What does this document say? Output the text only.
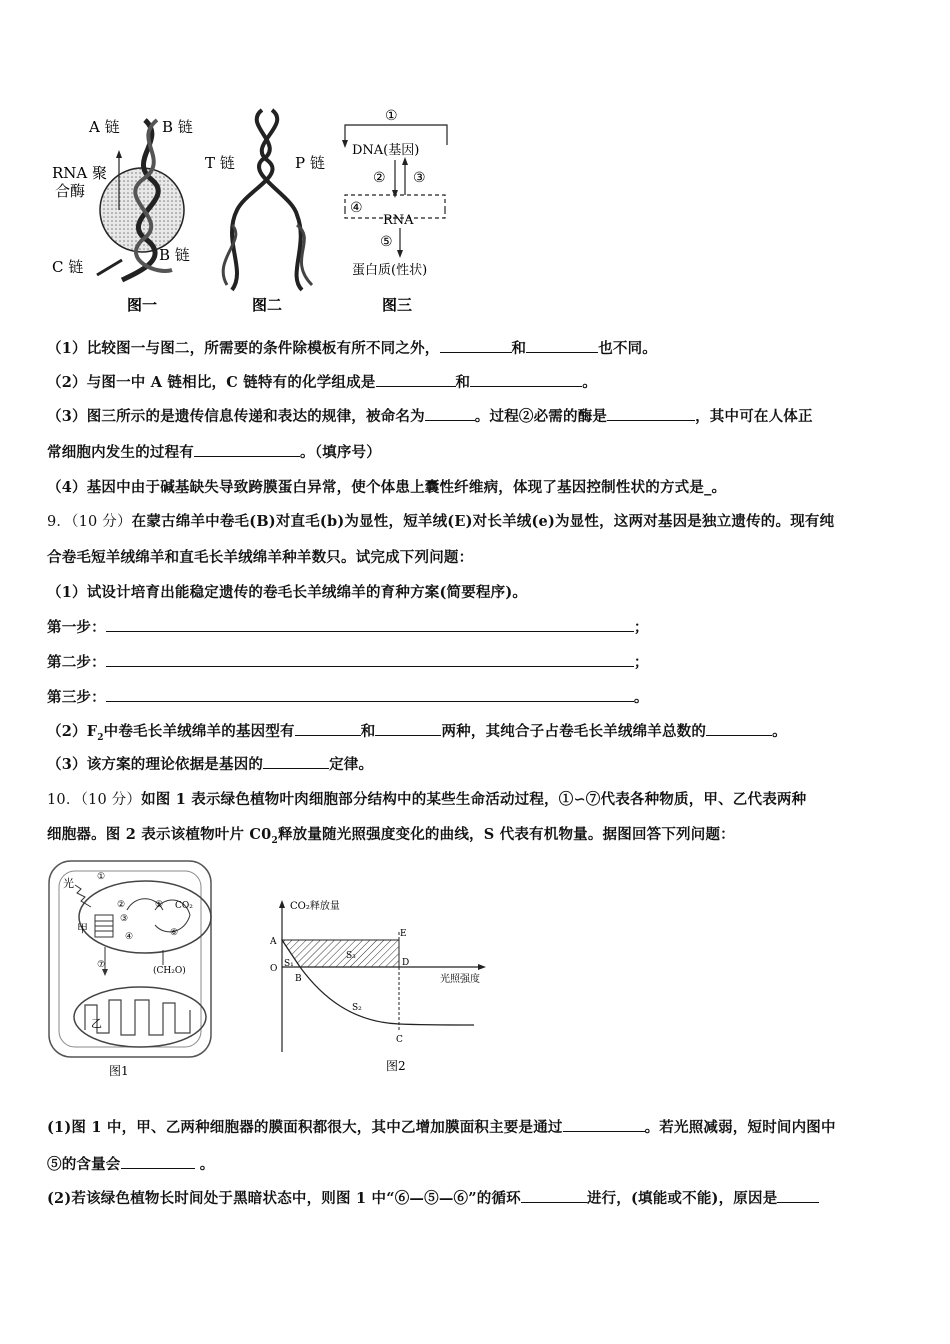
A 链	B 链
RNA 聚
合酶
C 链
B 链
图一
T 链	P 链
图二
①
DNA(基因)
② ③
④
RNA
⑤
蛋白质(性状)
图三
（1）比较图一与图二，所需要的条件除模板有所不同之外，	和	也不同。
（2）与图一中 A 链相比，C 链特有的化学组成是	和	。
（3）图三所示的是遗传信息传递和表达的规律，被命名为	。过程②必需的酶是	，其中可在人体正
常细胞内发生的过程有	。（填序号）
（4）基因中由于碱基缺失导致跨膜蛋白异常，使个体患上囊性纤维病，体现了基因控制性状的方式是_。
9．（10 分）在蒙古绵羊中卷毛(B)对直毛(b)为显性，短羊绒(E)对长羊绒(e)为显性，这两对基因是独立遗传的。现有纯
合卷毛短羊绒绵羊和直毛长羊绒绵羊种羊数只。试完成下列问题：
（1）试设计培育出能稳定遗传的卷毛长羊绒绵羊的育种方案(简要程序)。
第一步：	；
第二步：	；
第三步：	。
$(2)F_2$中卷毛长羊绒绵羊的基因型有	和	两种，其纯合子占卷毛长羊绒绵羊总数的	。
（3）该方案的理论依据是基因的	定律。
10．（10 分）如图 1 表示绿色植物叶肉细胞部分结构中的某些生命活动过程，①∽⑦代表各种物质，甲、乙代表两种
细胞器。图 2 表示该植物叶片 $C0_2$释放量随光照强度变化的曲线，S 代表有机物量。据图回答下列问题：
图1
光
甲
乙
CO₂
(CH₂O)
①
②
③
④
⑤
⑥
⑦
CO₂释放量
光照强度
A
O
B
C
D
E
S₁
S₂
S₃
图2
(1)图 1 中，甲、乙两种细胞器的膜面积都很大，其中乙增加膜面积主要是通过	。若光照减弱，短时间内图中
⑤的含量会	。
(2)若该绿色植物长时间处于黑暗状态中，则图 1 中“⑥—⑤—⑥”的循环	进行，(填能或不能)，原因是
